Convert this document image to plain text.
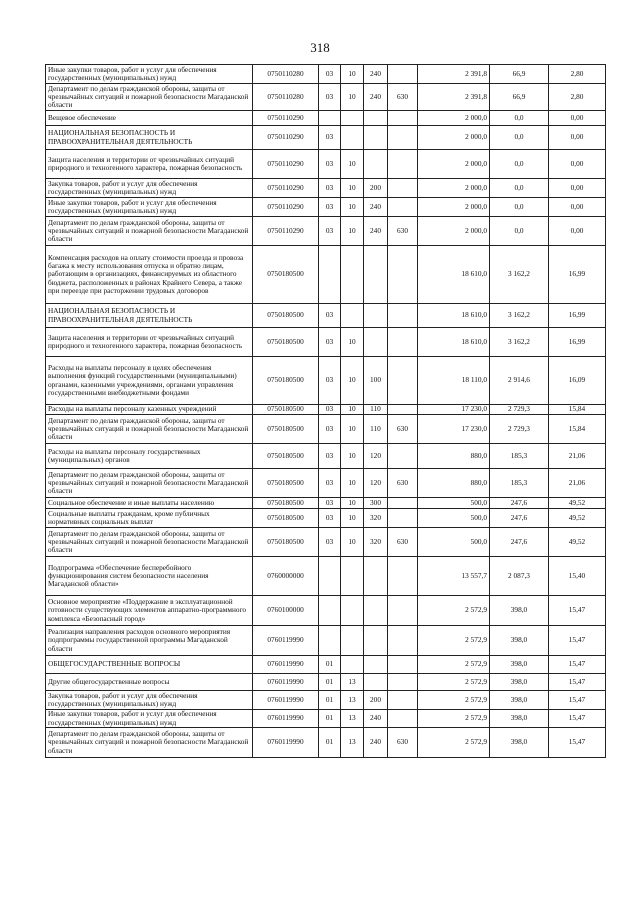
318
Иные закупки товаров, работ и услуг для обеспечения государственных (муниципальных) нужд	0750110280	03	10	240		2 391,8	66,9	2,80
Департамент по делам гражданской обороны, защиты от чрезвычайных ситуаций и пожарной безопасности Магаданской области	0750110280	03	10	240	630	2 391,8	66,9	2,80
Вещевое обеспечение	0750110290					2 000,0	0,0	0,00
НАЦИОНАЛЬНАЯ БЕЗОПАСНОСТЬ И ПРАВООХРАНИТЕЛЬНАЯ ДЕЯТЕЛЬНОСТЬ	0750110290	03				2 000,0	0,0	0,00
Защита населения и территории от чрезвычайных ситуаций природного и техногенного характера, пожарная безопасность	0750110290	03	10			2 000,0	0,0	0,00
Закупка товаров, работ и услуг для обеспечения государственных (муниципальных) нужд	0750110290	03	10	200		2 000,0	0,0	0,00
Иные закупки товаров, работ и услуг для обеспечения государственных (муниципальных) нужд	0750110290	03	10	240		2 000,0	0,0	0,00
Департамент по делам гражданской обороны, защиты от чрезвычайных ситуаций и пожарной безопасности Магаданской области	0750110290	03	10	240	630	2 000,0	0,0	0,00
Компенсация расходов на оплату стоимости проезда и провоза багажа к месту использования отпуска и обратно лицам, работающим в организациях, финансируемых из областного бюджета, расположенных в районах Крайнего Севера, а также при переезде при расторжении трудовых договоров	0750180500					18 610,0	3 162,2	16,99
НАЦИОНАЛЬНАЯ БЕЗОПАСНОСТЬ И ПРАВООХРАНИТЕЛЬНАЯ ДЕЯТЕЛЬНОСТЬ	0750180500	03				18 610,0	3 162,2	16,99
Защита населения и территории от чрезвычайных ситуаций природного и техногенного характера, пожарная безопасность	0750180500	03	10			18 610,0	3 162,2	16,99
Расходы на выплаты персоналу в целях обеспечения выполнения функций государственными (муниципальными) органами, казенными учреждениями, органами управления государственными внебюджетными фондами	0750180500	03	10	100		18 110,0	2 914,6	16,09
Расходы на выплаты персоналу казенных учреждений	0750180500	03	10	110		17 230,0	2 729,3	15,84
Департамент по делам гражданской обороны, защиты от чрезвычайных ситуаций и пожарной безопасности Магаданской области	0750180500	03	10	110	630	17 230,0	2 729,3	15,84
Расходы на выплаты персоналу государственных (муниципальных) органов	0750180500	03	10	120		880,0	185,3	21,06
Департамент по делам гражданской обороны, защиты от чрезвычайных ситуаций и пожарной безопасности Магаданской области	0750180500	03	10	120	630	880,0	185,3	21,06
Социальное обеспечение и иные выплаты населению	0750180500	03	10	300		500,0	247,6	49,52
Социальные выплаты гражданам, кроме публичных нормативных социальных выплат	0750180500	03	10	320		500,0	247,6	49,52
Департамент по делам гражданской обороны, защиты от чрезвычайных ситуаций и пожарной безопасности Магаданской области	0750180500	03	10	320	630	500,0	247,6	49,52
Подпрограмма «Обеспечение бесперебойного функционирования систем безопасности населения Магаданской области»	0760000000					13 557,7	2 087,3	15,40
Основное мероприятие «Поддержание в эксплуатационной готовности существующих элементов аппаратно-программного комплекса «Безопасный город»	0760100000					2 572,9	398,0	15,47
Реализация направления расходов основного мероприятия подпрограммы государственной программы Магаданской области	0760119990					2 572,9	398,0	15,47
ОБЩЕГОСУДАРСТВЕННЫЕ ВОПРОСЫ	0760119990	01				2 572,9	398,0	15,47
Другие общегосударственные вопросы	0760119990	01	13			2 572,9	398,0	15,47
Закупка товаров, работ и услуг для обеспечения государственных (муниципальных) нужд	0760119990	01	13	200		2 572,9	398,0	15,47
Иные закупки товаров, работ и услуг для обеспечения государственных (муниципальных) нужд	0760119990	01	13	240		2 572,9	398,0	15,47
Департамент по делам гражданской обороны, защиты от чрезвычайных ситуаций и пожарной безопасности Магаданской области	0760119990	01	13	240	630	2 572,9	398,0	15,47
